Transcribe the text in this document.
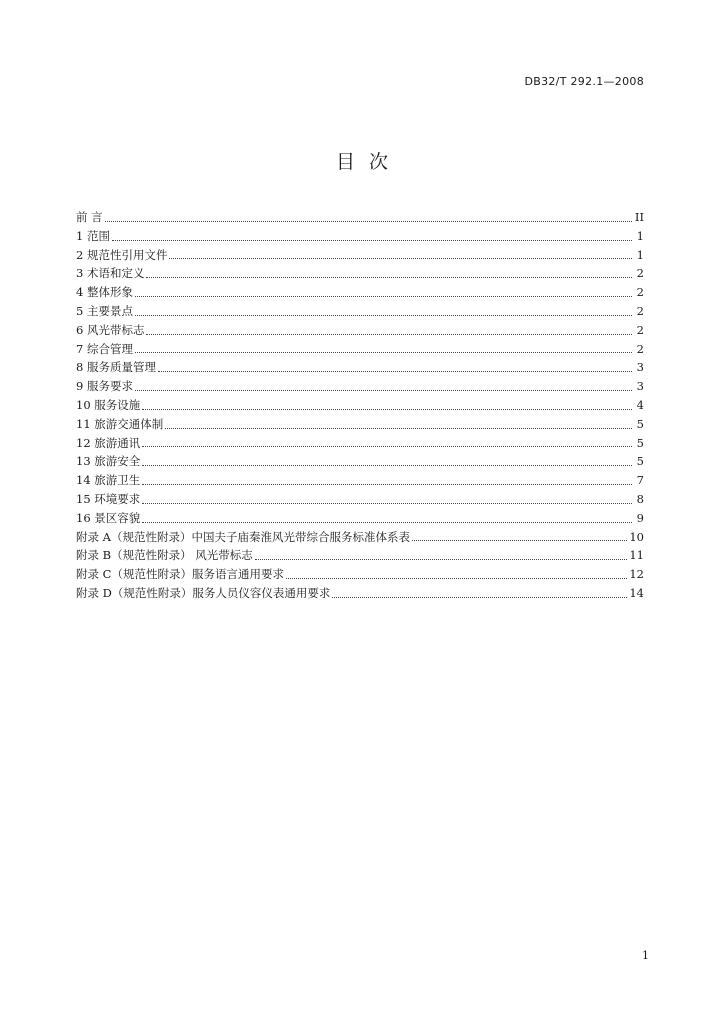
DB32/T 292.1—2008
目次
前 言	II
1 范围	1
2 规范性引用文件	1
3 术语和定义	2
4 整体形象	2
5 主要景点	2
6 风光带标志	2
7 综合管理	2
8 服务质量管理	3
9 服务要求	3
10 服务设施	4
11 旅游交通体制	5
12 旅游通讯	5
13 旅游安全	5
14 旅游卫生	7
15 环境要求	8
16 景区容貌	9
附录 A（规范性附录）中国夫子庙秦淮风光带综合服务标准体系表	10
附录 B（规范性附录） 风光带标志	11
附录 C（规范性附录）服务语言通用要求	12
附录 D（规范性附录）服务人员仪容仪表通用要求	14
1
